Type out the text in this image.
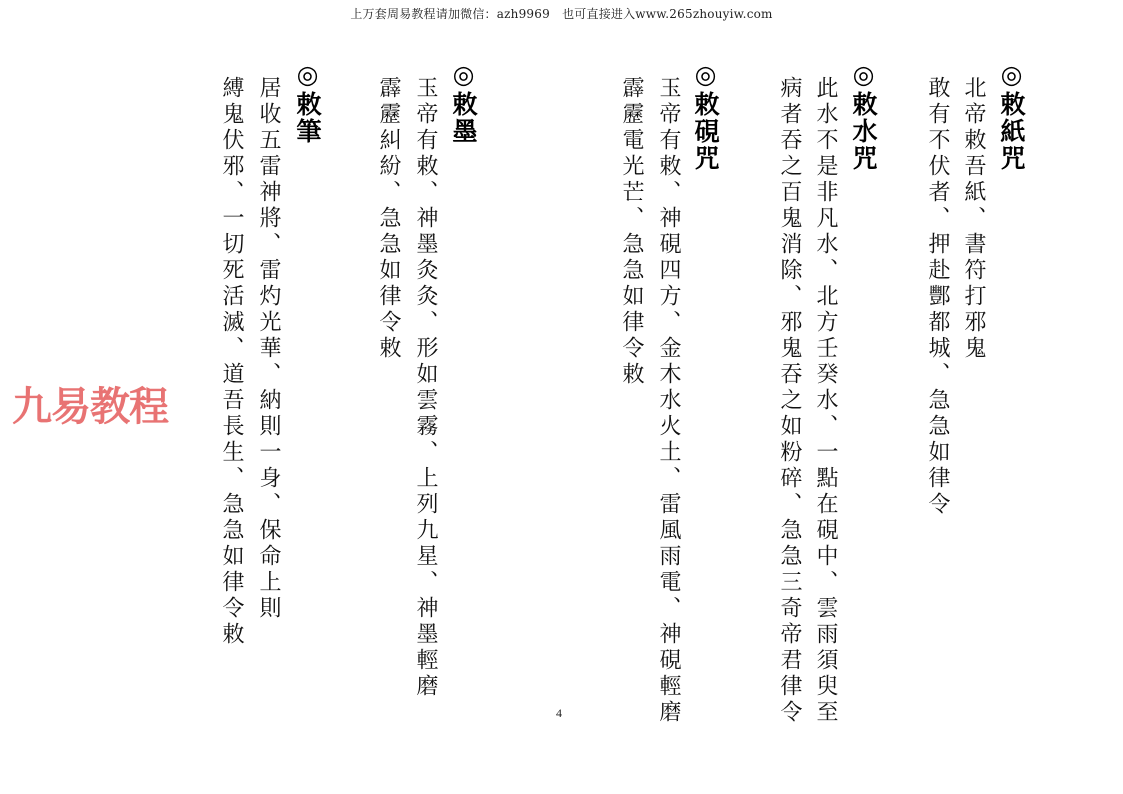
上万套周易教程请加微信：azh9969　也可直接进入www.265zhouyiw.com
九易教程
◎敕紙咒
北帝敕吾紙、書符打邪鬼
敢有不伏者、押赴酆都城、急急如律令
◎敕水咒
此水不是非凡水、北方壬癸水、一點在硯中、雲雨須臾至
病者吞之百鬼消除、邪鬼吞之如粉碎、急急三奇帝君律令
◎敕硯咒
玉帝有敕、神硯四方、金木水火土、雷風雨電、神硯輕磨
霹靂電光芒、急急如律令敕
◎敕墨
玉帝有敕、神墨灸灸、形如雲霧、上列九星、神墨輕磨
霹靂糾紛、急急如律令敕
◎敕筆
居收五雷神將、雷灼光華、納則一身、保命上則
縛鬼伏邪、一切死活滅、道吾長生、急急如律令敕
4
